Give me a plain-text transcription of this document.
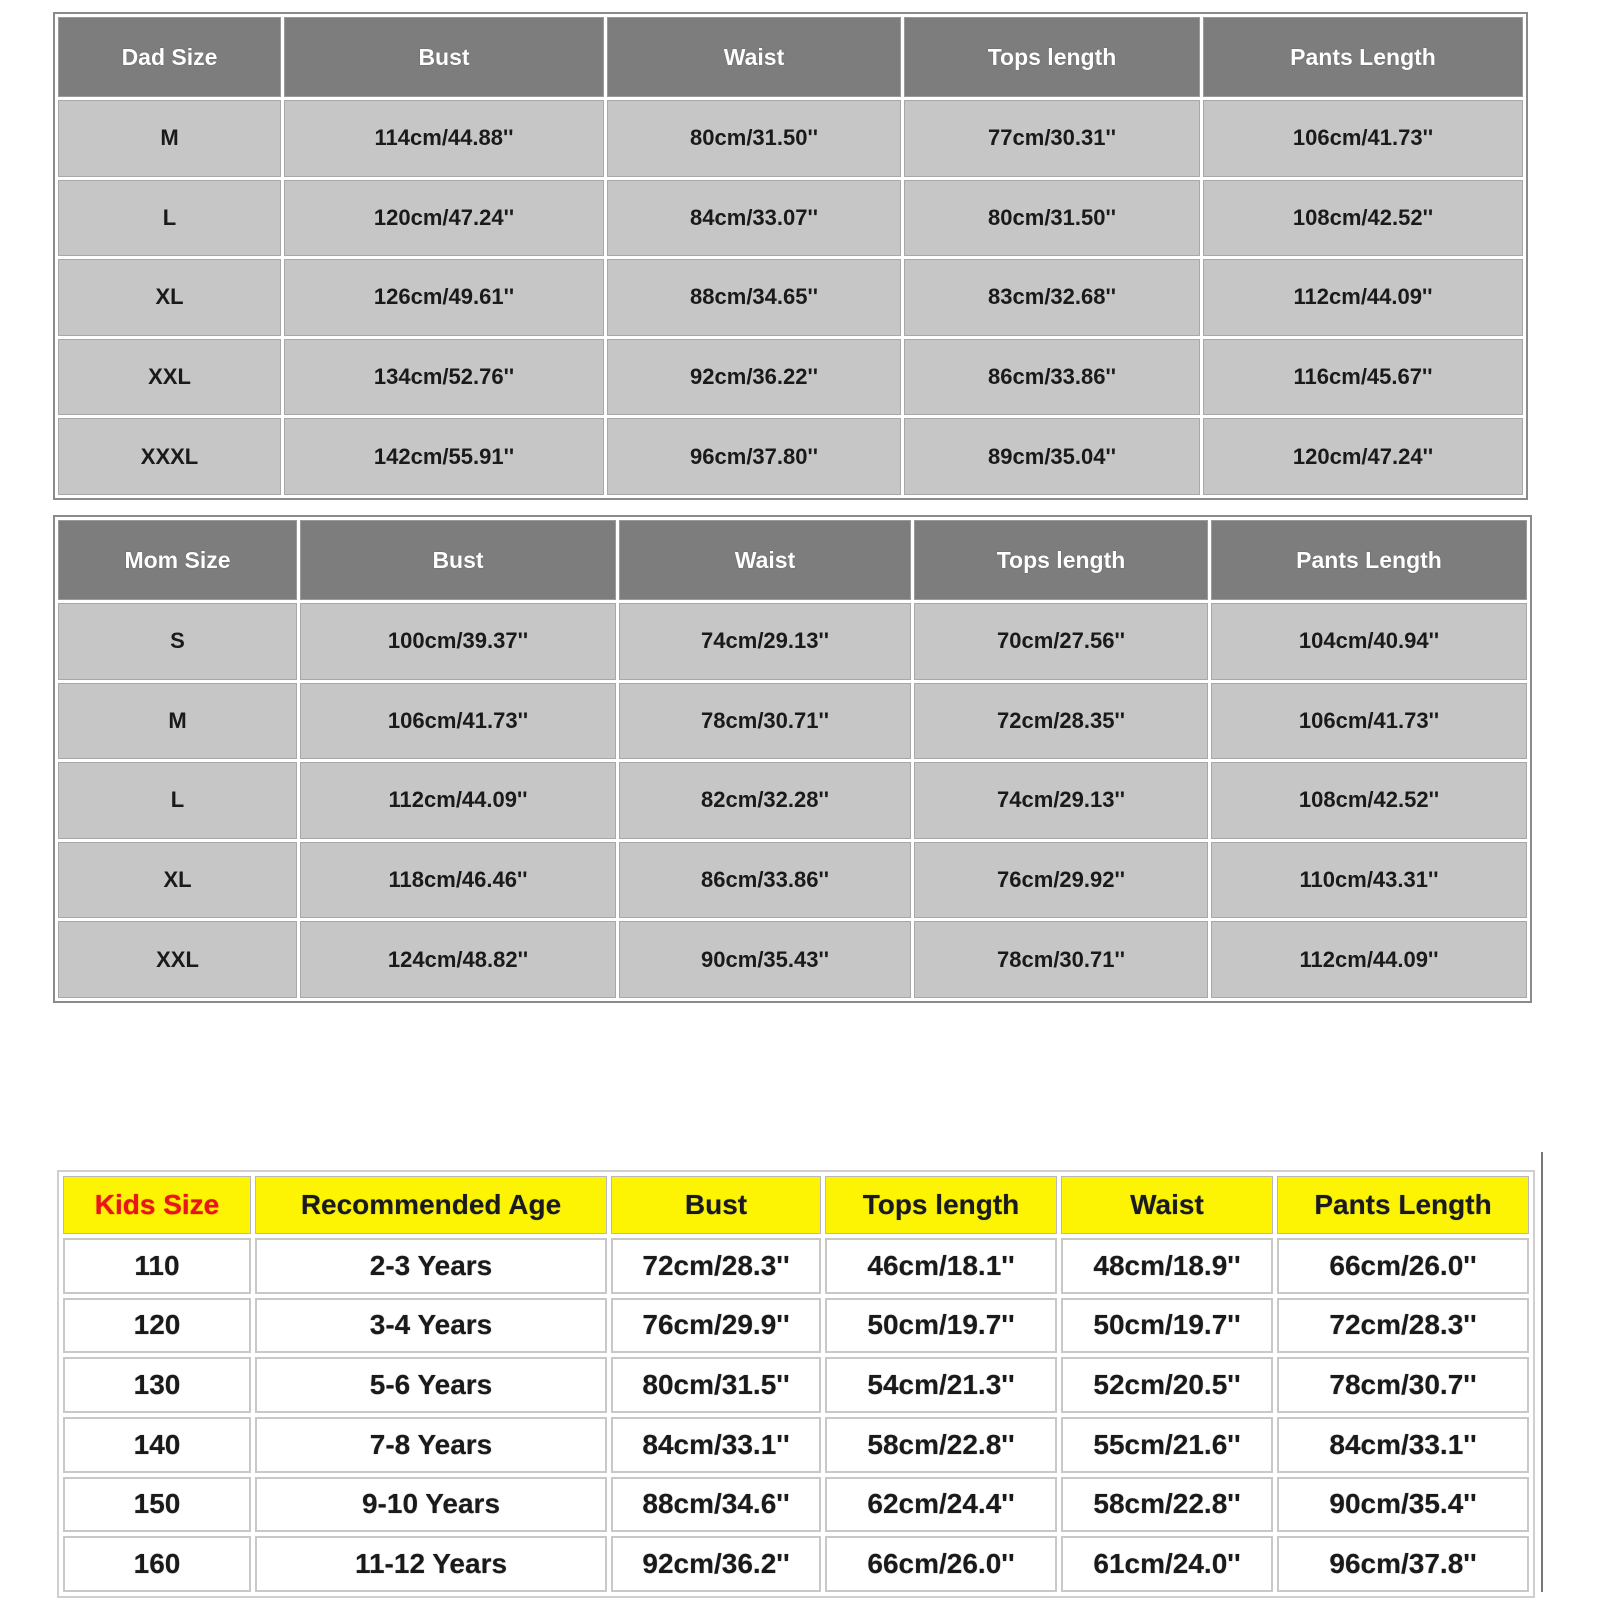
Dad Size	Bust	Waist	Tops length	Pants Length
M	114cm/44.88''	80cm/31.50''	77cm/30.31''	106cm/41.73''
L	120cm/47.24''	84cm/33.07''	80cm/31.50''	108cm/42.52''
XL	126cm/49.61''	88cm/34.65''	83cm/32.68''	112cm/44.09''
XXL	134cm/52.76''	92cm/36.22''	86cm/33.86''	116cm/45.67''
XXXL	142cm/55.91''	96cm/37.80''	89cm/35.04''	120cm/47.24''
Mom Size	Bust	Waist	Tops length	Pants Length
S	100cm/39.37''	74cm/29.13''	70cm/27.56''	104cm/40.94''
M	106cm/41.73''	78cm/30.71''	72cm/28.35''	106cm/41.73''
L	112cm/44.09''	82cm/32.28''	74cm/29.13''	108cm/42.52''
XL	118cm/46.46''	86cm/33.86''	76cm/29.92''	110cm/43.31''
XXL	124cm/48.82''	90cm/35.43''	78cm/30.71''	112cm/44.09''
Kids Size	Recommended Age	Bust	Tops length	Waist	Pants Length
110	2-3 Years	72cm/28.3''	46cm/18.1''	48cm/18.9''	66cm/26.0''
120	3-4 Years	76cm/29.9''	50cm/19.7''	50cm/19.7''	72cm/28.3''
130	5-6 Years	80cm/31.5''	54cm/21.3''	52cm/20.5''	78cm/30.7''
140	7-8 Years	84cm/33.1''	58cm/22.8''	55cm/21.6''	84cm/33.1''
150	9-10 Years	88cm/34.6''	62cm/24.4''	58cm/22.8''	90cm/35.4''
160	11-12 Years	92cm/36.2''	66cm/26.0''	61cm/24.0''	96cm/37.8''
